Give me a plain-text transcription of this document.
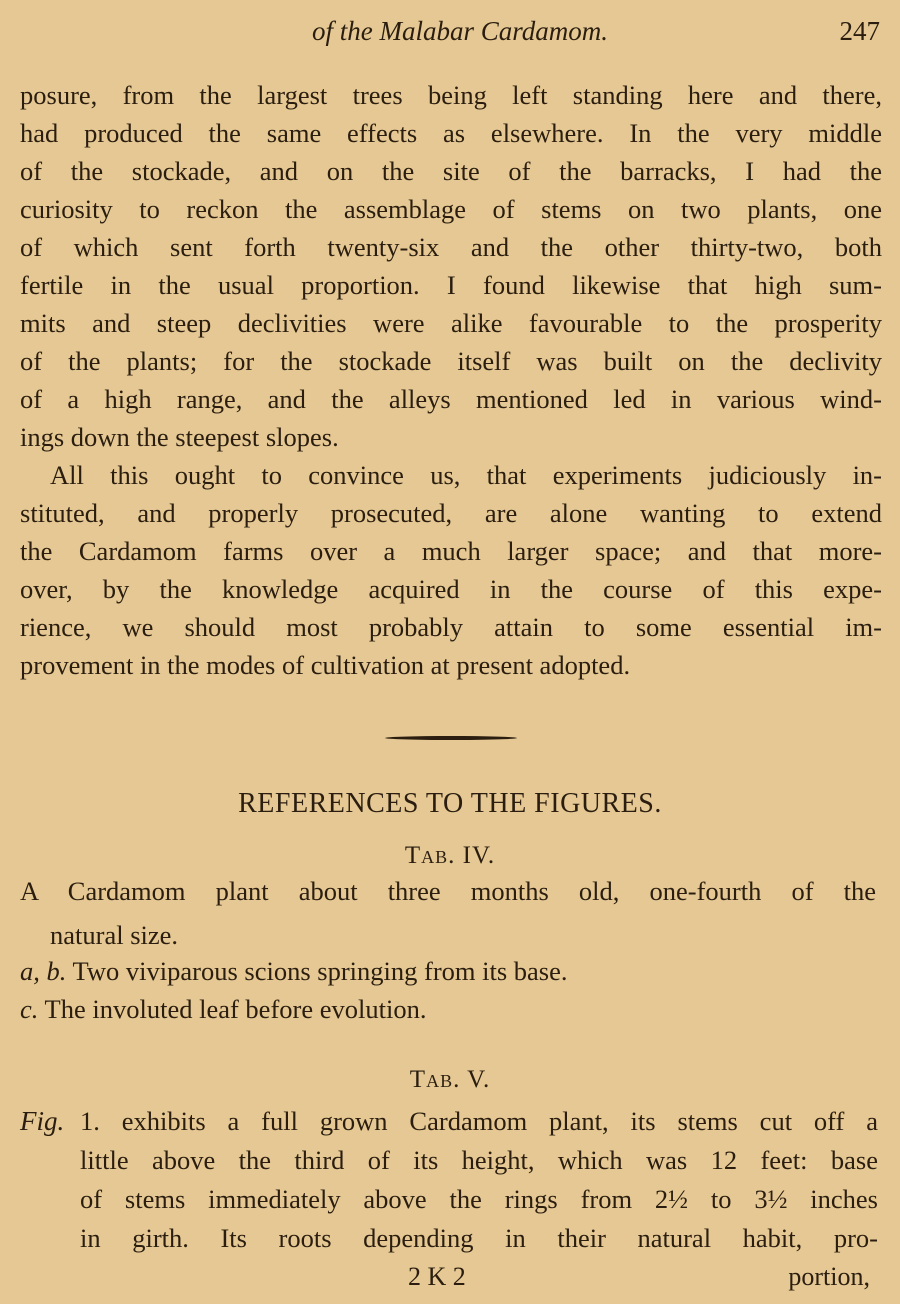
of the Malabar Cardamom.	247
posure, from the largest trees being left standing here and there,
had produced the same effects as elsewhere. In the very middle
of the stockade, and on the site of the barracks, I had the
curiosity to reckon the assemblage of stems on two plants, one
of which sent forth twenty-six and the other thirty-two, both
fertile in the usual proportion. I found likewise that high sum-
mits and steep declivities were alike favourable to the prosperity
of the plants; for the stockade itself was built on the declivity
of a high range, and the alleys mentioned led in various wind-
ings down the steepest slopes.
All this ought to convince us, that experiments judiciously in-
stituted, and properly prosecuted, are alone wanting to extend
the Cardamom farms over a much larger space; and that more-
over, by the knowledge acquired in the course of this expe-
rience, we should most probably attain to some essential im-
provement in the modes of cultivation at present adopted.
REFERENCES TO THE FIGURES.
Tab. IV.
A Cardamom plant about three months old, one-fourth of the
natural size.
a, b. Two viviparous scions springing from its base.
c. The involuted leaf before evolution.
Tab. V.
Fig. 1. exhibits a full grown Cardamom plant, its stems cut off a
little above the third of its height, which was 12 feet: base
of stems immediately above the rings from 2½ to 3½ inches
in girth. Its roots depending in their natural habit, pro-
2 K 2	portion,
